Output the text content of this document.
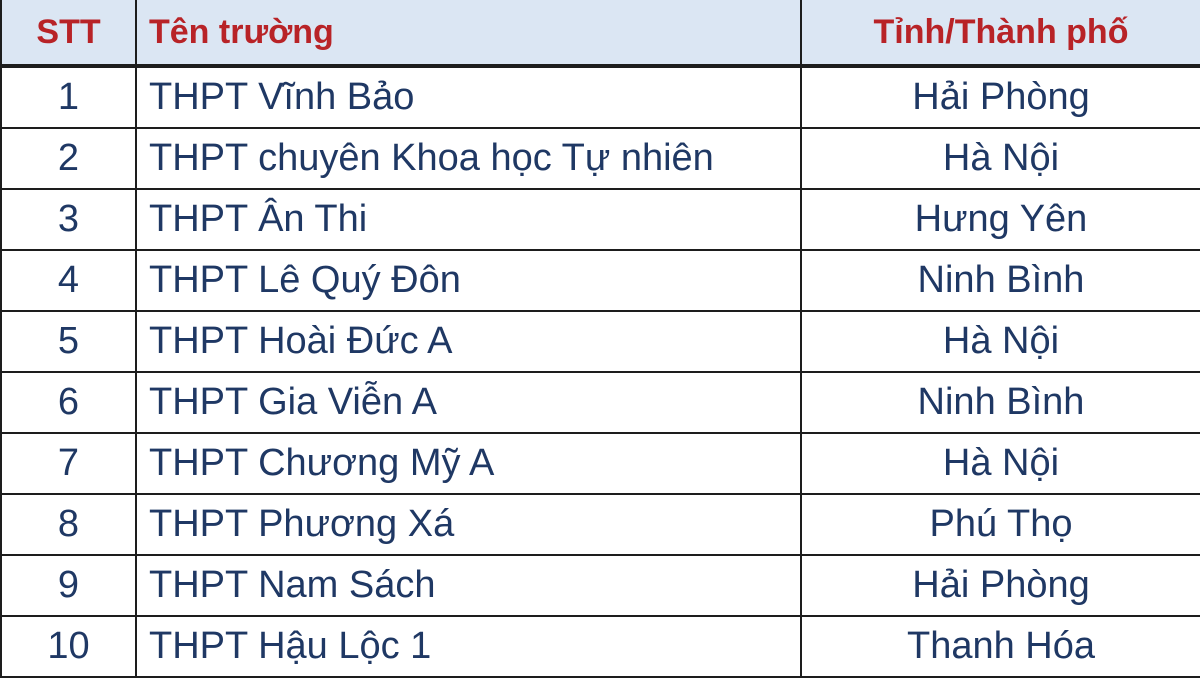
STT	Tên trường	Tỉnh/Thành phố
1	THPT Vĩnh Bảo	Hải Phòng
2	THPT chuyên Khoa học Tự nhiên	Hà Nội
3	THPT Ân Thi	Hưng Yên
4	THPT Lê Quý Đôn	Ninh Bình
5	THPT Hoài Đức A	Hà Nội
6	THPT Gia Viễn A	Ninh Bình
7	THPT Chương Mỹ A	Hà Nội
8	THPT Phương Xá	Phú Thọ
9	THPT Nam Sách	Hải Phòng
10	THPT Hậu Lộc 1	Thanh Hóa
